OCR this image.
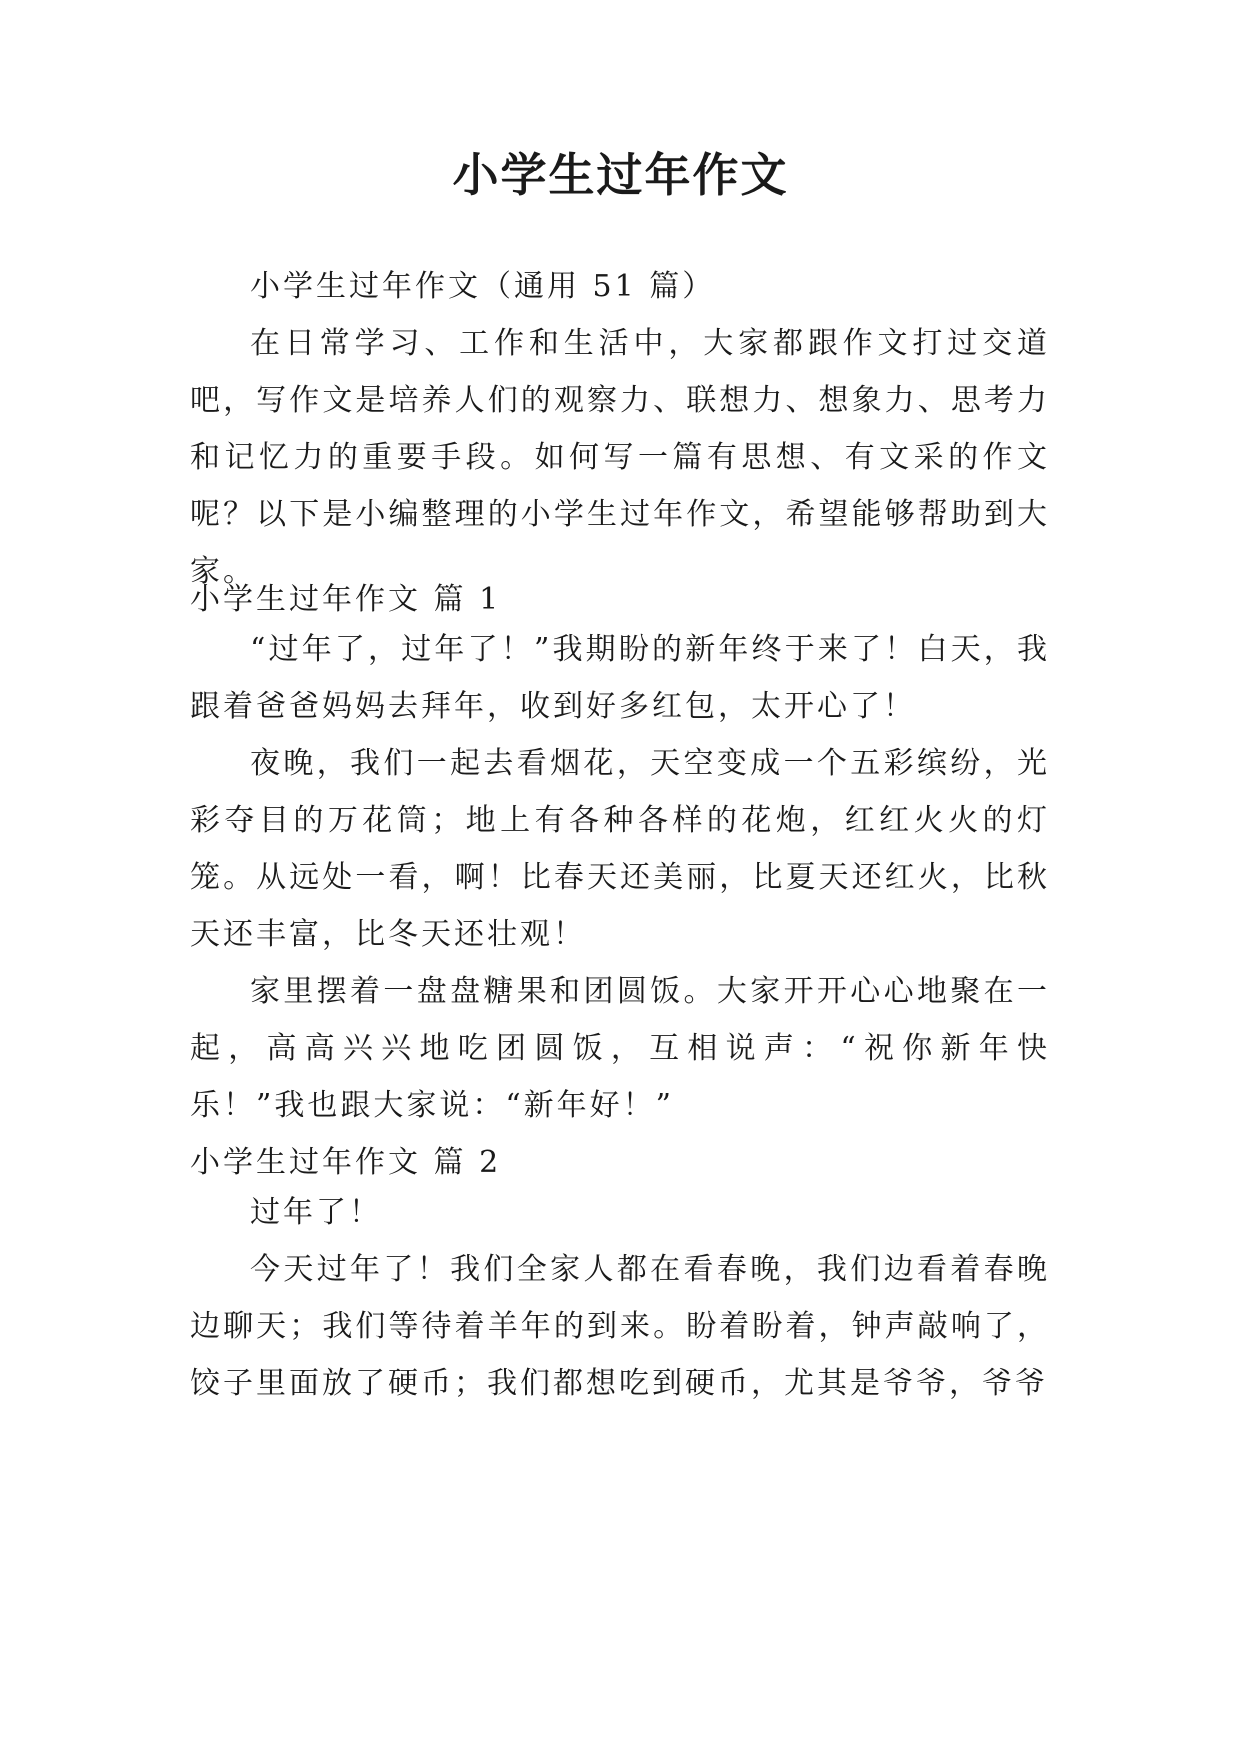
小学生过年作文

小学生过年作文（通用 51 篇）

在日常学习、工作和生活中，大家都跟作文打过交道吧，写作文是培养人们的观察力、联想力、想象力、思考力和记忆力的重要手段。如何写一篇有思想、有文采的作文呢？以下是小编整理的小学生过年作文，希望能够帮助到大家。

小学生过年作文 篇 1

“过年了，过年了！”我期盼的新年终于来了！白天，我跟着爸爸妈妈去拜年，收到好多红包，太开心了！

夜晚，我们一起去看烟花，天空变成一个五彩缤纷，光彩夺目的万花筒；地上有各种各样的花炮，红红火火的灯笼。从远处一看，啊！比春天还美丽，比夏天还红火，比秋天还丰富，比冬天还壮观！

家里摆着一盘盘糖果和团圆饭。大家开开心心地聚在一起，高高兴兴地吃团圆饭，互相说声：“祝你新年快乐！”我也跟大家说：“新年好！”

小学生过年作文 篇 2

过年了！

今天过年了！我们全家人都在看春晚，我们边看着春晚边聊天；我们等待着羊年的到来。盼着盼着，钟声敲响了，饺子里面放了硬币；我们都想吃到硬币，尤其是爷爷，爷爷
